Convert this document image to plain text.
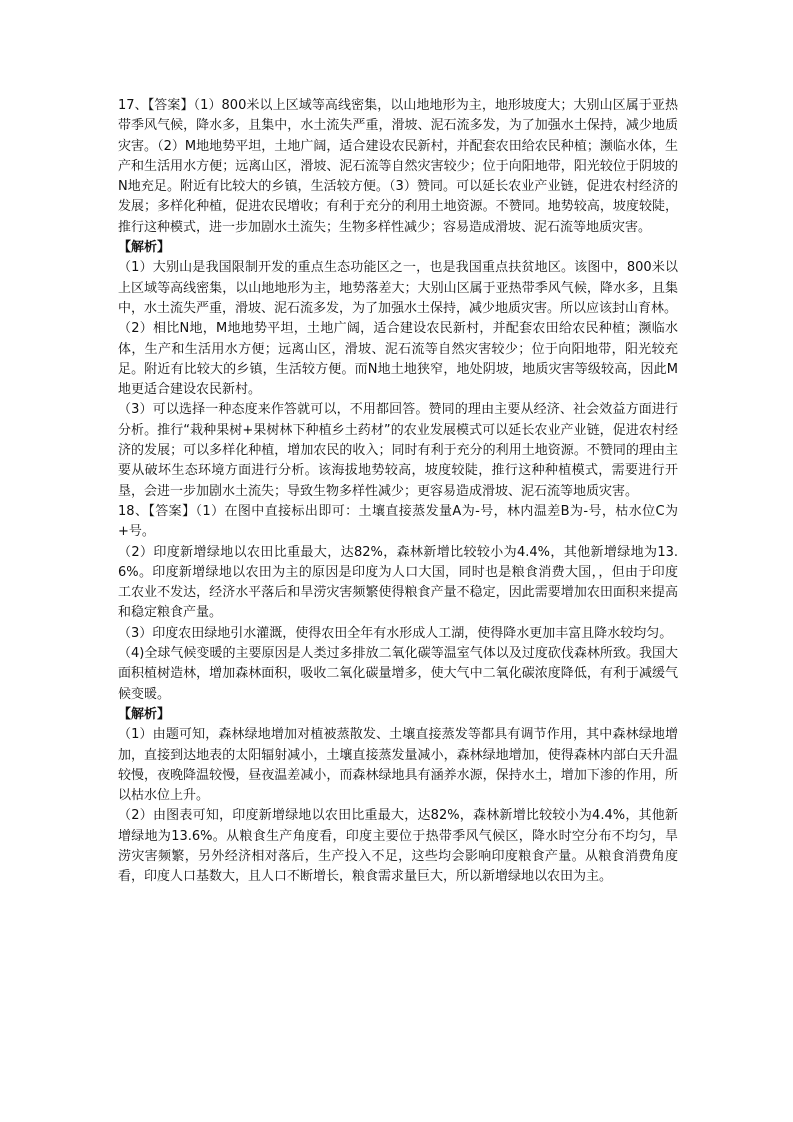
17、【答案】（1）800米以上区域等高线密集，以山地地形为主，地形坡度大；大别山区属于亚热带季风气候，降水多，且集中，水土流失严重，滑坡、泥石流多发，为了加强水土保持，减少地质灾害。（2）M地地势平坦，土地广阔，适合建设农民新村，并配套农田给农民种植；濒临水体，生产和生活用水方便；远离山区，滑坡、泥石流等自然灾害较少；位于向阳地带，阳光较位于阴坡的N地充足。附近有比较大的乡镇，生活较方便。（3）赞同。可以延长农业产业链，促进农村经济的发展；多样化种植，促进农民增收；有利于充分的利用土地资源。不赞同。地势较高，坡度较陡，推行这种模式，进一步加剧水土流失；生物多样性减少；容易造成滑坡、泥石流等地质灾害。

【解析】

（1）大别山是我国限制开发的重点生态功能区之一，也是我国重点扶贫地区。该图中，800米以上区域等高线密集，以山地地形为主，地势落差大；大别山区属于亚热带季风气候，降水多，且集中，水土流失严重，滑坡、泥石流多发，为了加强水土保持，减少地质灾害。所以应该封山育林。

（2）相比N地，M地地势平坦，土地广阔，适合建设农民新村，并配套农田给农民种植；濒临水体，生产和生活用水方便；远离山区，滑坡、泥石流等自然灾害较少；位于向阳地带，阳光较充足。附近有比较大的乡镇，生活较方便。而N地土地狭窄，地处阴坡，地质灾害等级较高，因此M地更适合建设农民新村。

（3）可以选择一种态度来作答就可以，不用都回答。赞同的理由主要从经济、社会效益方面进行分析。推行“栽种果树+果树林下种植乡土药材”的农业发展模式可以延长农业产业链，促进农村经济的发展；可以多样化种植，增加农民的收入；同时有利于充分的利用土地资源。不赞同的理由主要从破坏生态环境方面进行分析。该海拔地势较高，坡度较陡，推行这种种植模式，需要进行开垦，会进一步加剧水土流失；导致生物多样性减少；更容易造成滑坡、泥石流等地质灾害。

18、【答案】（1）在图中直接标出即可：土壤直接蒸发量A为-号，林内温差B为-号，枯水位C为+号。

（2）印度新增绿地以农田比重最大，达82%，森林新增比较较小为4.4%，其他新增绿地为13.6%。印度新增绿地以农田为主的原因是印度为人口大国，同时也是粮食消费大国，，但由于印度工农业不发达，经济水平落后和旱涝灾害频繁使得粮食产量不稳定，因此需要增加农田面积来提高和稳定粮食产量。

（3）印度农田绿地引水灌溉，使得农田全年有水形成人工湖，使得降水更加丰富且降水较均匀。

（4)全球气候变暖的主要原因是人类过多排放二氧化碳等温室气体以及过度砍伐森林所致。我国大面积植树造林，增加森林面积，吸收二氧化碳量增多，使大气中二氧化碳浓度降低，有利于减缓气候变暖。

【解析】

（1）由题可知，森林绿地增加对植被蒸散发、土壤直接蒸发等都具有调节作用，其中森林绿地增加，直接到达地表的太阳辐射减小，土壤直接蒸发量减小，森林绿地增加，使得森林内部白天升温较慢，夜晚降温较慢，昼夜温差减小，而森林绿地具有涵养水源，保持水土，增加下渗的作用，所以枯水位上升。

（2）由图表可知，印度新增绿地以农田比重最大，达82%，森林新增比较较小为4.4%，其他新增绿地为13.6%。从粮食生产角度看，印度主要位于热带季风气候区，降水时空分布不均匀，旱涝灾害频繁，另外经济相对落后，生产投入不足，这些均会影响印度粮食产量。从粮食消费角度看，印度人口基数大，且人口不断增长，粮食需求量巨大，所以新增绿地以农田为主。
